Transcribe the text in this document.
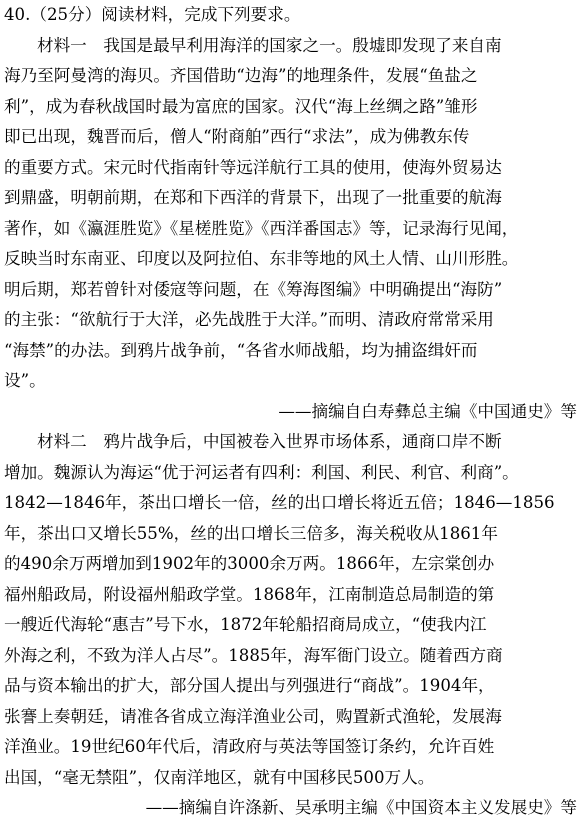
40.（25分）阅读材料，完成下列要求。
材料一　我国是最早利用海洋的国家之一。殷墟即发现了来自南
海乃至阿曼湾的海贝。齐国借助“边海”的地理条件，发展“鱼盐之
利”，成为春秋战国时最为富庶的国家。汉代“海上丝绸之路”雏形
即已出现，魏晋而后，僧人“附商舶”西行“求法”，成为佛教东传
的重要方式。宋元时代指南针等远洋航行工具的使用，使海外贸易达
到鼎盛，明朝前期，在郑和下西洋的背景下，出现了一批重要的航海
著作，如《瀛涯胜览》《星槎胜览》《西洋番国志》等，记录海行见闻，
反映当时东南亚、印度以及阿拉伯、东非等地的风土人情、山川形胜。
明后期，郑若曾针对倭寇等问题，在《筹海图编》中明确提出“海防”
的主张：“欲航行于大洋，必先战胜于大洋。”而明、清政府常常采用
“海禁”的办法。到鸦片战争前，“各省水师战船，均为捕盗缉奸而
设”。
——摘编自白寿彝总主编《中国通史》等
材料二　鸦片战争后，中国被卷入世界市场体系，通商口岸不断
增加。魏源认为海运“优于河运者有四利：利国、利民、利官、利商”。
1842—1846年，茶出口增长一倍，丝的出口增长将近五倍；1846—1856
年，茶出口又增长55%，丝的出口增长三倍多，海关税收从1861年
的490余万两增加到1902年的3000余万两。1866年，左宗棠创办
福州船政局，附设福州船政学堂。1868年，江南制造总局制造的第
一艘近代海轮“惠吉”号下水，1872年轮船招商局成立，“使我内江
外海之利，不致为洋人占尽”。1885年，海军衙门设立。随着西方商
品与资本输出的扩大，部分国人提出与列强进行“商战”。1904年，
张謇上奏朝廷，请准各省成立海洋渔业公司，购置新式渔轮，发展海
洋渔业。19世纪60年代后，清政府与英法等国签订条约，允许百姓
出国，“毫无禁阻”，仅南洋地区，就有中国移民500万人。
——摘编自许涤新、吴承明主编《中国资本主义发展史》等
